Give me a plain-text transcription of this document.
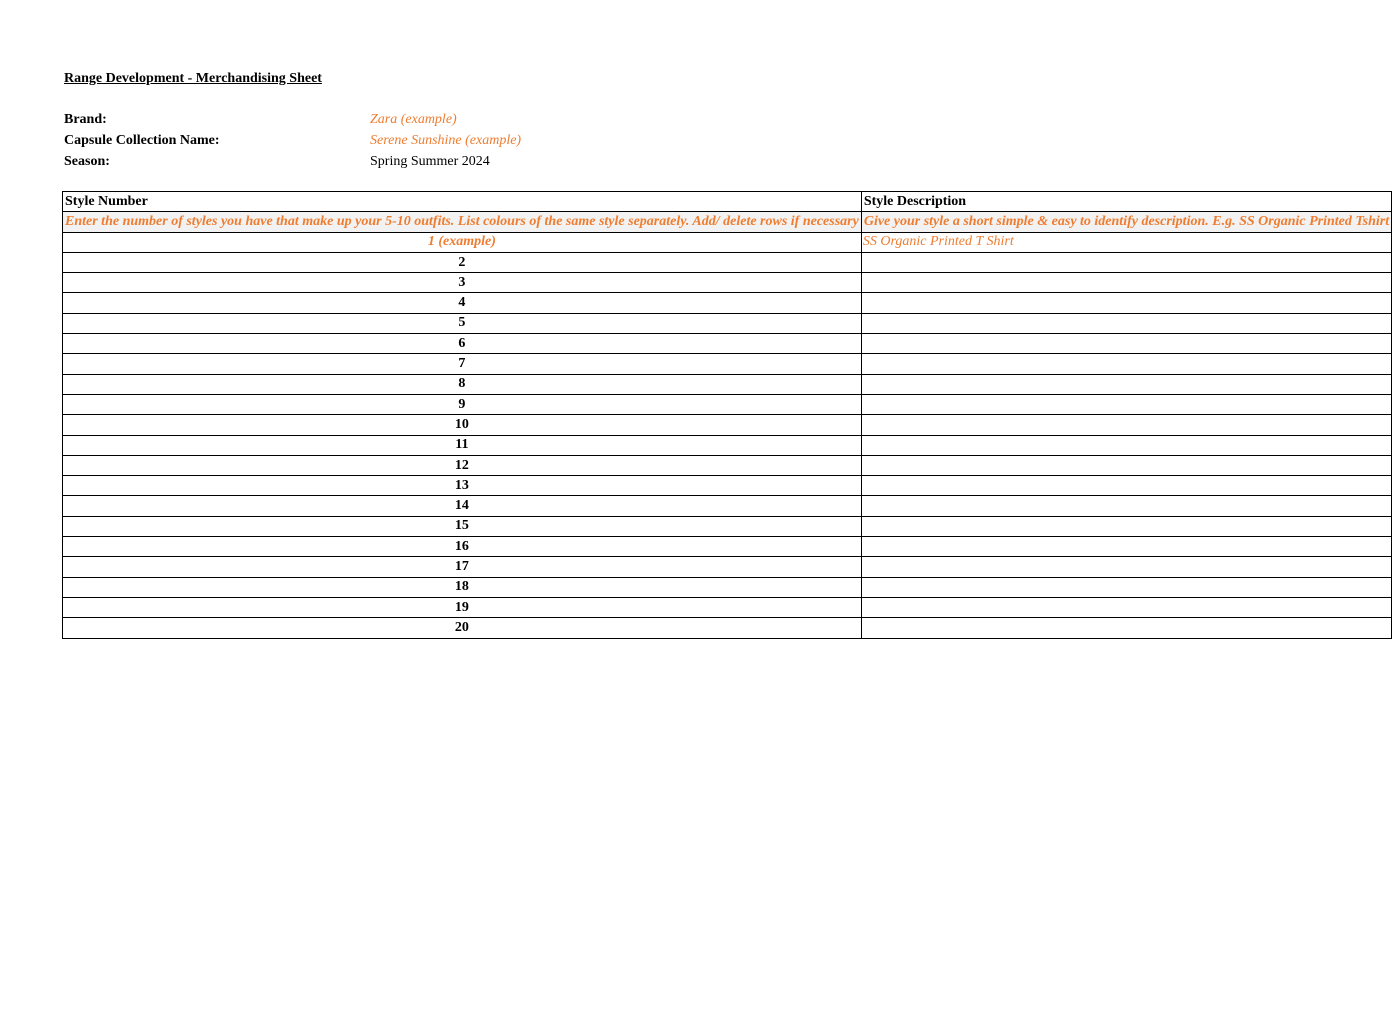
Range Development - Merchandising Sheet
Brand:	Zara (example)
Capsule Collection Name:	Serene Sunshine (example)
Season:	Spring Summer 2024
Style Number	Style Description
Enter the number of styles you have that make up your 5-10 outfits. List colours of the same style separately. Add/ delete rows if necessary	Give your style a short simple & easy to identify description. E.g. SS Organic Printed Tshirt
1 (example)	SS Organic Printed T Shirt
2	
3	
4	
5	
6	
7	
8	
9	
10	
11	
12	
13	
14	
15	
16	
17	
18	
19	
20	
